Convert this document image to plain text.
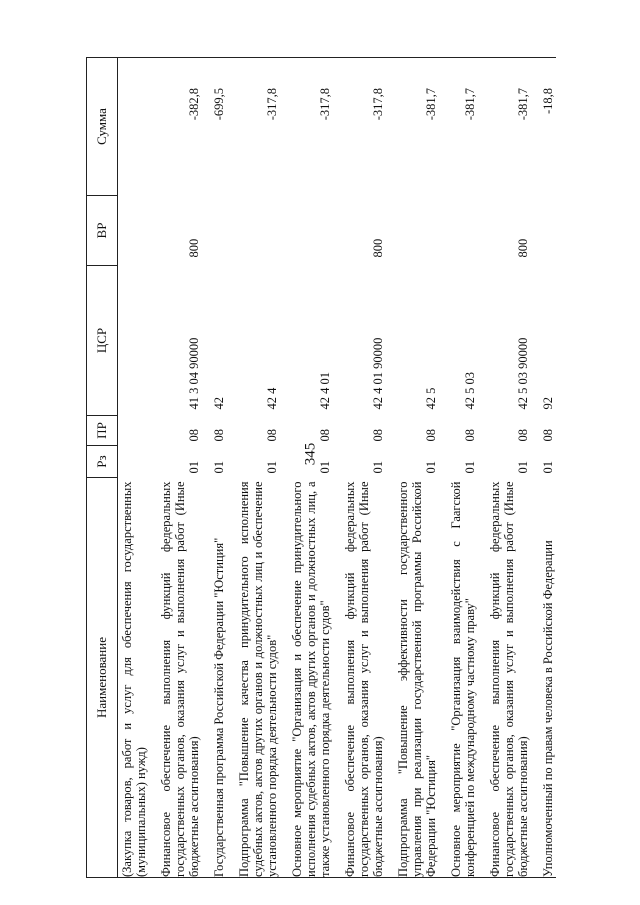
345
Наименование	Рз	ПР	ЦСР	ВР	Сумма
(Закупка товаров, работ и услуг для обеспечения государственных (муниципальных) нужд)					

Финансовое обеспечение выполнения функций федеральных государственных органов, оказания услуг и выполнения работ (Иные бюджетные ассигнования)	01	08	41 3 04 90000	800	-382,8

Государственная программа Российской Федерации "Юстиция"	01	08	42		-699,5

Подпрограмма "Повышение качества принудительного исполнения судебных актов, актов других органов и должностных лиц и обеспечение установленного порядка деятельности судов"	01	08	42 4		-317,8

Основное мероприятие "Организация и обеспечение принудительного исполнения судебных актов, актов других органов и должностных лиц, а также установленного порядка деятельности судов"	01	08	42 4 01		-317,8

Финансовое обеспечение выполнения функций федеральных государственных органов, оказания услуг и выполнения работ (Иные бюджетные ассигнования)	01	08	42 4 01 90000	800	-317,8

Подпрограмма "Повышение эффективности государственного управления при реализации государственной программы Российской Федерации "Юстиция"	01	08	42 5		-381,7

Основное мероприятие "Организация взаимодействия с Гаагской конференцией по международному частному праву"	01	08	42 5 03		-381,7

Финансовое обеспечение выполнения функций федеральных государственных органов, оказания услуг и выполнения работ (Иные бюджетные ассигнования)	01	08	42 5 03 90000	800	-381,7

Уполномоченный по правам человека в Российской Федерации	01	08	92		-18,8
